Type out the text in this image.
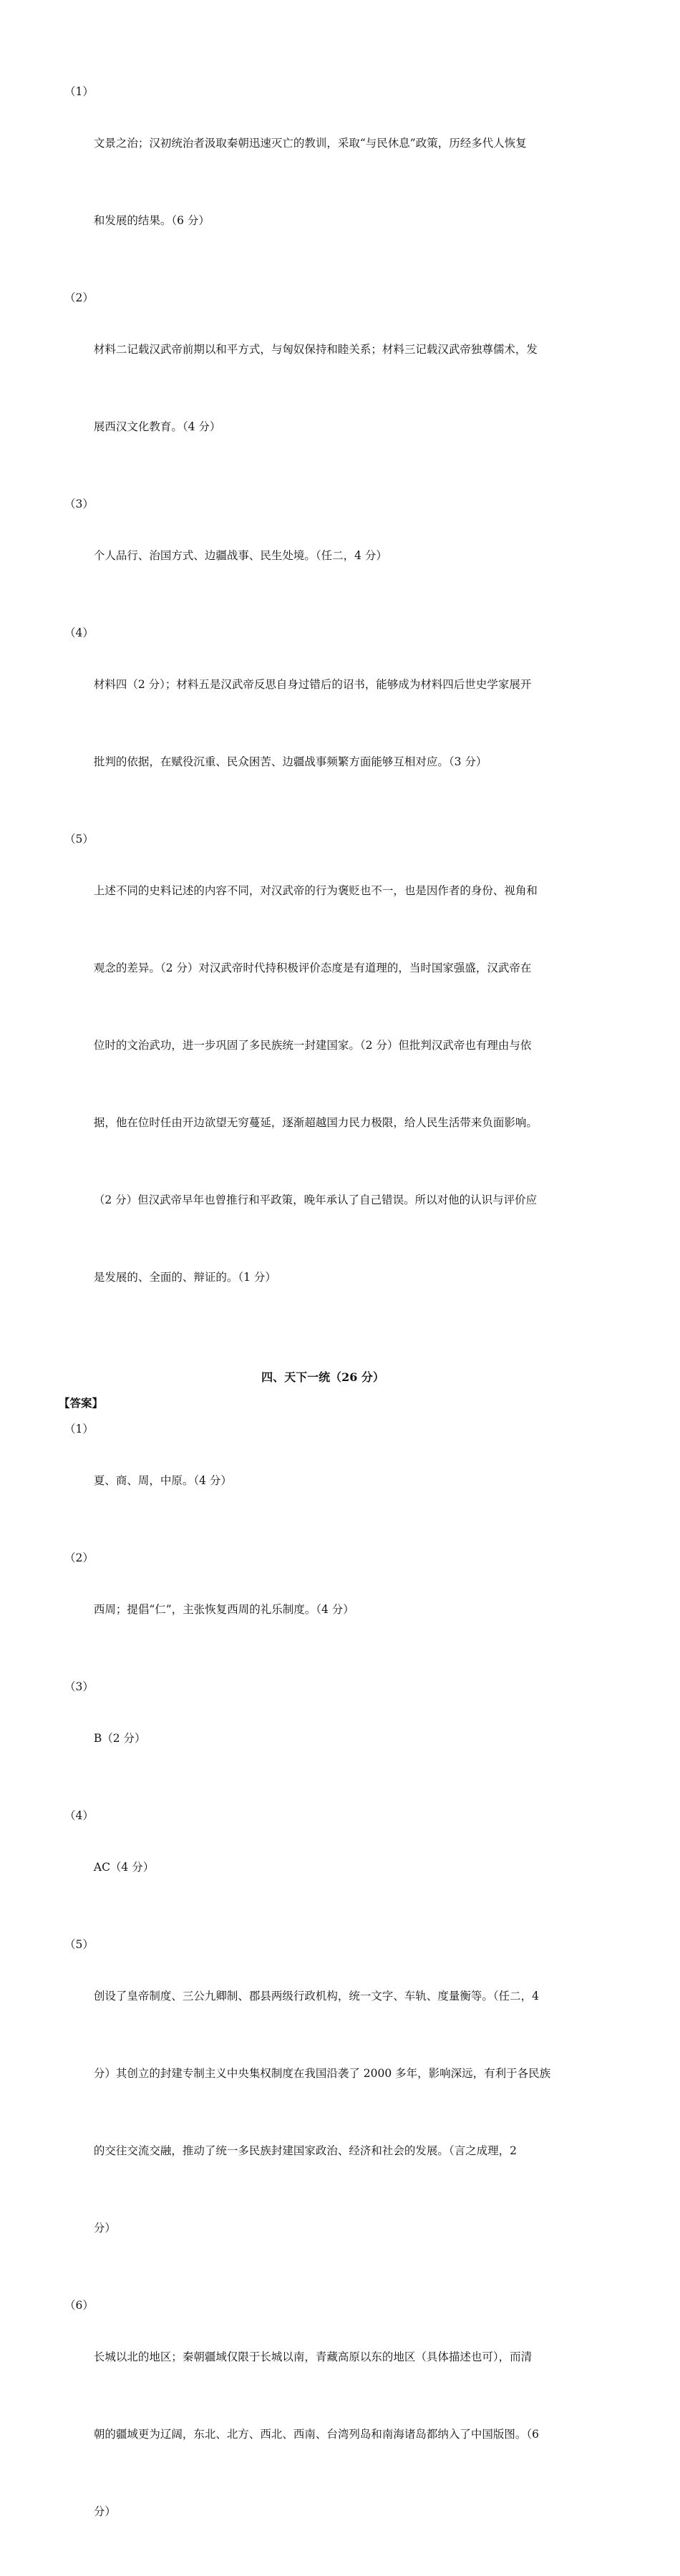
（1）

文景之治；汉初统治者汲取秦朝迅速灭亡的教训，采取“与民休息”政策，历经多代人恢复

和发展的结果。（6 分）

（2）

材料二记载汉武帝前期以和平方式，与匈奴保持和睦关系；材料三记载汉武帝独尊儒术，发

展西汉文化教育。（4 分）

（3）

个人品行、治国方式、边疆战事、民生处境。（任二，4 分）

（4）

材料四（2 分）；材料五是汉武帝反思自身过错后的诏书，能够成为材料四后世史学家展开

批判的依据，在赋役沉重、民众困苦、边疆战事频繁方面能够互相对应。（3 分）

（5）

上述不同的史料记述的内容不同，对汉武帝的行为褒贬也不一，也是因作者的身份、视角和

观念的差异。（2 分）对汉武帝时代持积极评价态度是有道理的，当时国家强盛，汉武帝在

位时的文治武功，进一步巩固了多民族统一封建国家。（2 分）但批判汉武帝也有理由与依

据，他在位时任由开边欲望无穷蔓延，逐渐超越国力民力极限，给人民生活带来负面影响。

（2 分）但汉武帝早年也曾推行和平政策，晚年承认了自己错误。所以对他的认识与评价应

是发展的、全面的、辩证的。（1 分）

四、天下一统（26 分）
【答案】
（1）

夏、商、周，中原。（4 分）

（2）

西周；提倡“仁”，主张恢复西周的礼乐制度。（4 分）

（3）

B（2 分）

（4）

AC（4 分）

（5）

创设了皇帝制度、三公九卿制、郡县两级行政机构，统一文字、车轨、度量衡等。（任二，4

分）其创立的封建专制主义中央集权制度在我国沿袭了 2000 多年，影响深远，有利于各民族

的交往交流交融，推动了统一多民族封建国家政治、经济和社会的发展。（言之成理，2

分）

（6）

长城以北的地区；秦朝疆域仅限于长城以南，青藏高原以东的地区（具体描述也可），而清

朝的疆域更为辽阔，东北、北方、西北、西南、台湾列岛和南海诸岛都纳入了中国版图。（6

分）
